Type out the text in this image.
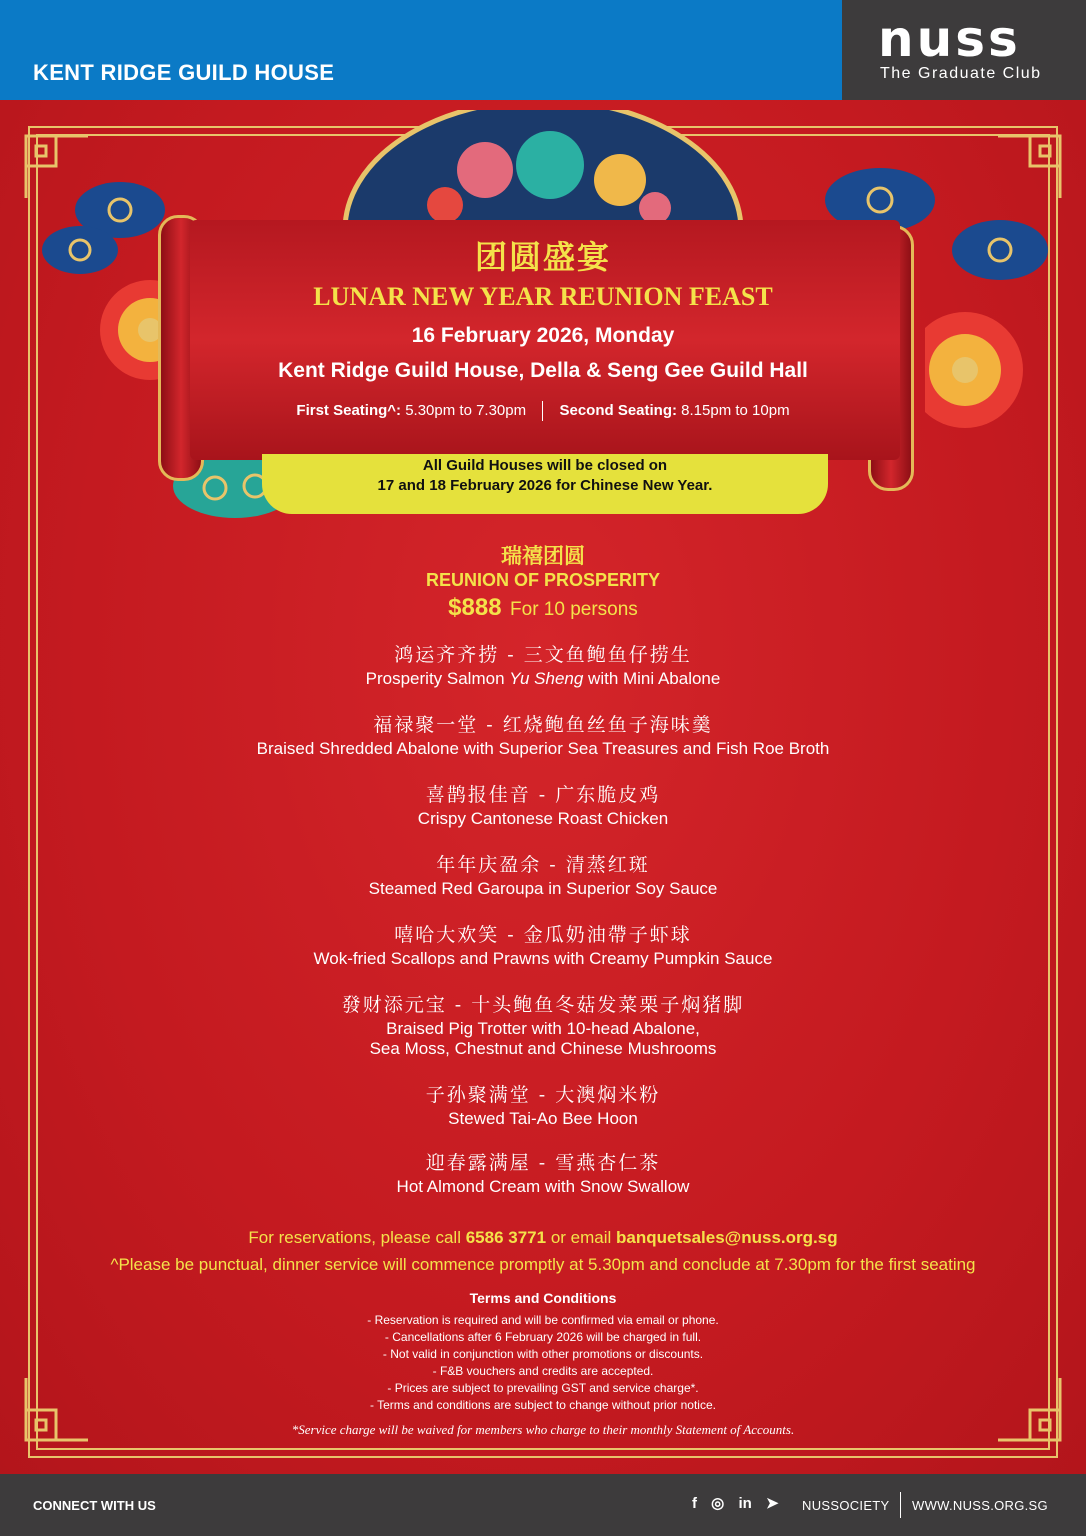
KENT RIDGE GUILD HOUSE
nuss
The Graduate Club
All Guild Houses will be closed on
17 and 18 February 2026 for Chinese New Year.
团圆盛宴
LUNAR NEW YEAR REUNION FEAST
16 February 2026, Monday
Kent Ridge Guild House, Della & Seng Gee Guild Hall
First Seating^: 5.30pm to 7.30pm Second Seating: 8.15pm to 10pm
瑞禧团圆
REUNION OF PROSPERITY
$888 For 10 persons
鸿运齐齐捞 - 三文鱼鲍鱼仔捞生
Prosperity Salmon Yu Sheng with Mini Abalone
福禄聚一堂 - 红烧鲍鱼丝鱼子海味羹
Braised Shredded Abalone with Superior Sea Treasures and Fish Roe Broth
喜鹊报佳音 - 广东脆皮鸡
Crispy Cantonese Roast Chicken
年年庆盈余 - 清蒸红斑
Steamed Red Garoupa in Superior Soy Sauce
嘻哈大欢笑 - 金瓜奶油帶子虾球
Wok-fried Scallops and Prawns with Creamy Pumpkin Sauce
發财添元宝 - 十头鲍鱼冬菇发菜栗子焖猪脚
Braised Pig Trotter with 10-head Abalone,
Sea Moss, Chestnut and Chinese Mushrooms
子孙聚满堂 - 大澳焖米粉
Stewed Tai-Ao Bee Hoon
迎春露满屋 - 雪燕杏仁茶
Hot Almond Cream with Snow Swallow
For reservations, please call 6586 3771 or email banquetsales@nuss.org.sg
^Please be punctual, dinner service will commence promptly at 5.30pm and conclude at 7.30pm for the first seating
Terms and Conditions
- Reservation is required and will be confirmed via email or phone.
- Cancellations after 6 February 2026 will be charged in full.
- Not valid in conjunction with other promotions or discounts.
- F&B vouchers and credits are accepted.
- Prices are subject to prevailing GST and service charge*.
- Terms and conditions are subject to change without prior notice.
*Service charge will be waived for members who charge to their monthly Statement of Accounts.
CONNECT WITH US	f ◎ in ➤ NUSSOCIETY WWW.NUSS.ORG.SG
